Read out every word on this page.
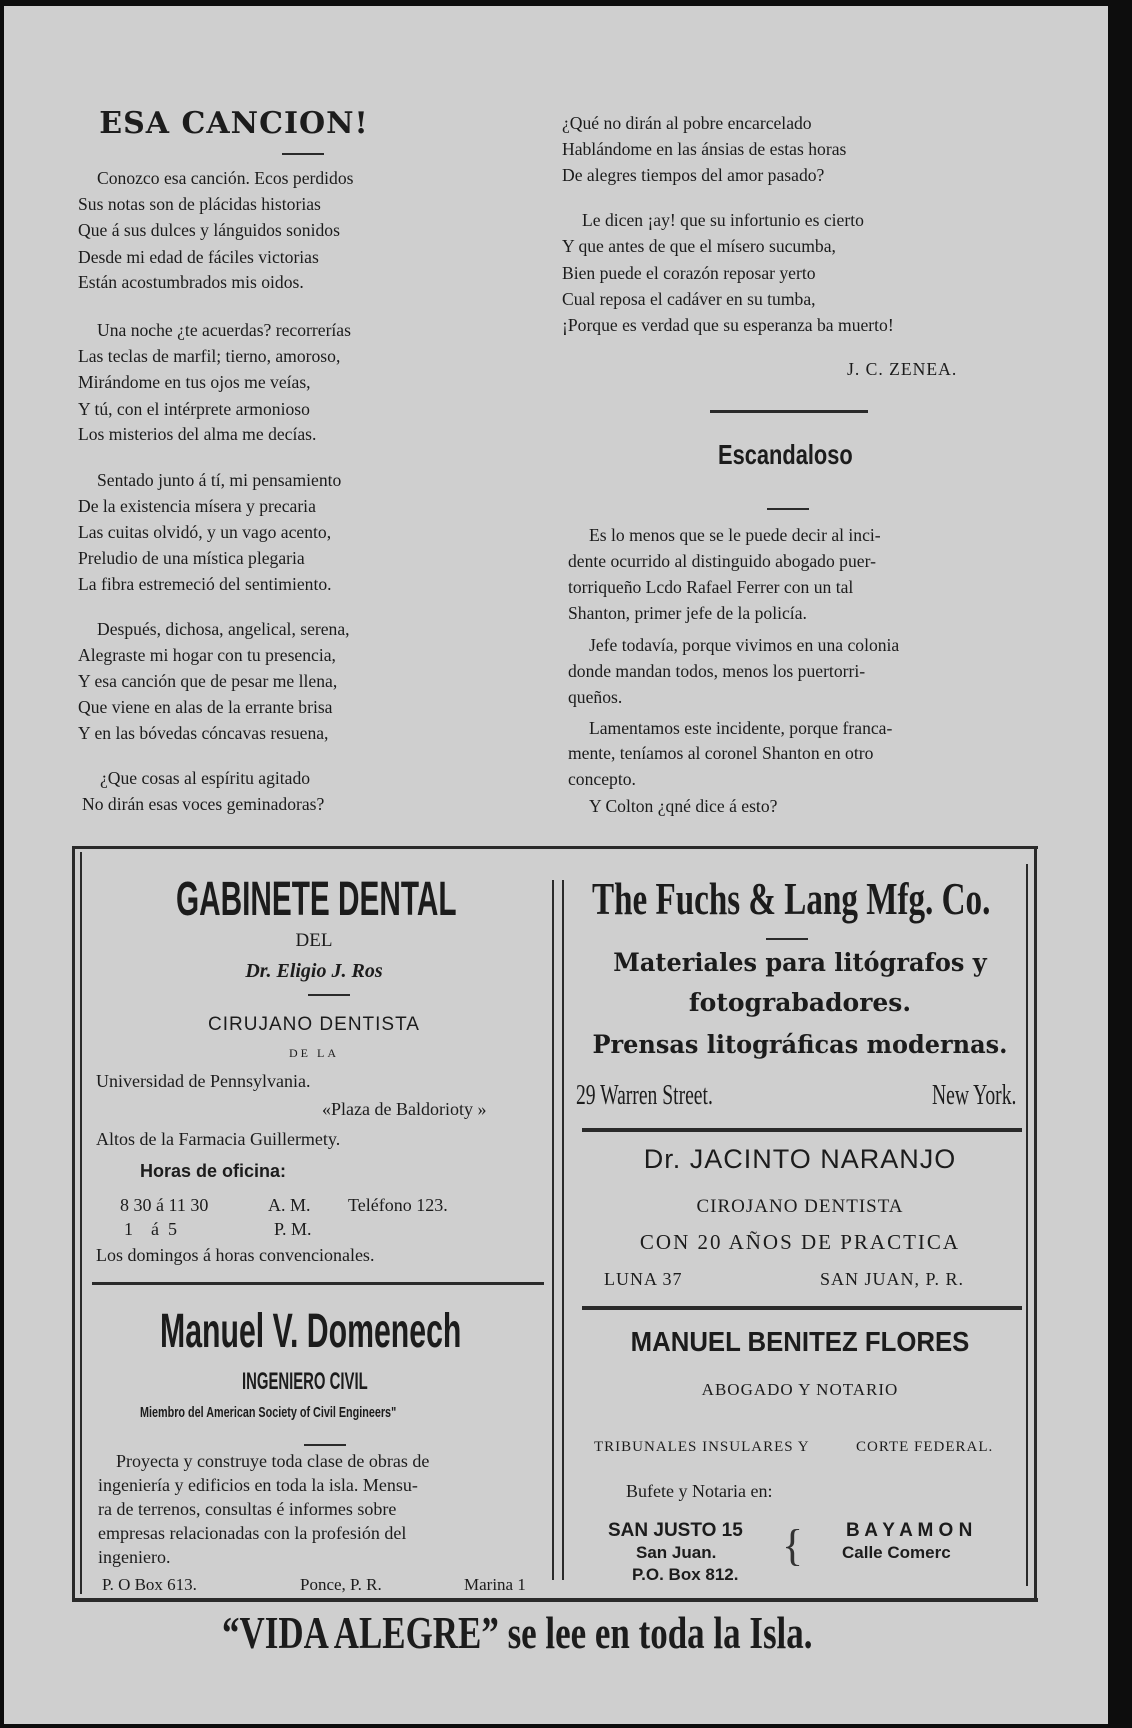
ESA CANCION!
Conozco esa canción. Ecos perdidos
Sus notas son de plácidas historias
Que á sus dulces y lánguidos sonidos
Desde mi edad de fáciles victorias
Están acostumbrados mis oidos.
Una noche ¿te acuerdas? recorrerías
Las teclas de marfil; tierno, amoroso,
Mirándome en tus ojos me veías,
Y tú, con el intérprete armonioso
Los misterios del alma me decías.
Sentado junto á tí, mi pensamiento
De la existencia mísera y precaria
Las cuitas olvidó, y un vago acento,
Preludio de una mística plegaria
La fibra estremeció del sentimiento.
Después, dichosa, angelical, serena,
Alegraste mi hogar con tu presencia,
Y esa canción que de pesar me llena,
Que viene en alas de la errante brisa
Y en las bóvedas cóncavas resuena,
¿Que cosas al espíritu agitado
No dirán esas voces geminadoras?
¿Qué no dirán al pobre encarcelado
Hablándome en las ánsias de estas horas
De alegres tiempos del amor pasado?
Le dicen ¡ay! que su infortunio es cierto
Y que antes de que el mísero sucumba,
Bien puede el corazón reposar yerto
Cual reposa el cadáver en su tumba,
¡Porque es verdad que su esperanza ba muerto!
J. C. ZENEA.
Escandaloso
Es lo menos que se le puede decir al inci-
dente ocurrido al distinguido abogado puer-
torriqueño Lcdo Rafael Ferrer con un tal
Shanton, primer jefe de la policía.
Jefe todavía, porque vivimos en una colonia
donde mandan todos, menos los puertorri-
queños.
Lamentamos este incidente, porque franca-
mente, teníamos al coronel Shanton en otro
concepto.
Y Colton ¿qné dice á esto?
GABINETE DENTAL
DEL
Dr. Eligio J. Ros
CIRUJANO DENTISTA
DE LA
Universidad de Pennsylvania.
«Plaza de Baldorioty »
Altos de la Farmacia Guillermety.
Horas de oficina:
8 30 á 11 30	A. M. Teléfono 123.
1    á  5	P. M.
Los domingos á horas convencionales.
Manuel V. Domenech
INGENIERO CIVIL
Miembro del American Society of Civil Engineers"
Proyecta y construye toda clase de obras de
ingeniería y edificios en toda la isla. Mensu-
ra de terrenos, consultas é informes sobre
empresas relacionadas con la profesión del
ingeniero.
P. O Box 613.	Ponce, P. R.	Marina 1
The Fuchs & Lang Mfg. Co.
Materiales para litógrafos y
fotograbadores.
Prensas litográficas modernas.
29 Warren Street.	New York.
Dr. JACINTO NARANJO
CIROJANO DENTISTA
CON 20 AÑOS DE PRACTICA
LUNA 37	SAN JUAN, P. R.
MANUEL BENITEZ FLORES
ABOGADO Y NOTARIO
TRIBUNALES INSULARES Y	CORTE FEDERAL.
Bufete y Notaria en:
SAN JUSTO 15
San Juan.
P.O. Box 812.
{ B A Y A M O N
Calle Comerc
“VIDA ALEGRE” se lee en toda la Isla.
